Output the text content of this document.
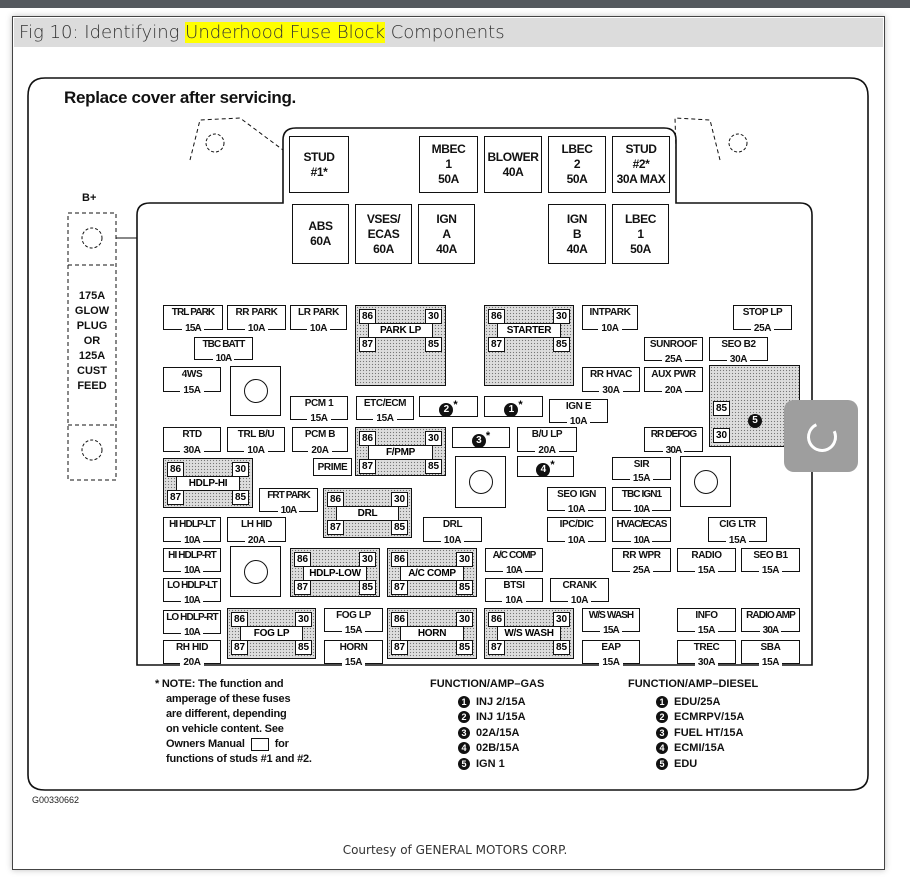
Fig 10: Identifying Underhood Fuse Block Components
Replace cover after servicing.
B+
175A
GLOW
PLUG
OR
125A
CUST
FEED
STUD
#1*
MBEC
1
50A
BLOWER
40A
LBEC
2
50A
STUD
#2*
30A MAX
ABS
60A
VSES/
ECAS
60A
IGN
A
40A
IGN
B
40A
LBEC
1
50A
TRL PARK
15A
RR PARK
10A
LR PARK
10A
TBC BATT
10A
4WS
15A
PCM 1
15A
ETC/ECM
15A
IGN E
10A
RTD
30A
TRL B/U
10A
PCM B
20A
PRIME
B/U LP
20A
RR DEFOG
30A
SIR
15A
INTPARK
10A
STOP LP
25A
SUNROOF
25A
SEO B2
30A
RR HVAC
30A
AUX PWR
20A
FRT PARK
10A
HI HDLP-LT
10A
LH HID
20A
DRL
10A
SEO IGN
10A
TBC IGN1
10A
IPC/DIC
10A
HVAC/ECAS
10A
CIG LTR
15A
HI HDLP-RT
10A
A/C COMP
10A
RR WPR
25A
RADIO
15A
SEO B1
15A
LO HDLP-LT
10A
BTSI
10A
CRANK
10A
LO HDLP-RT
10A
FOG LP
15A
W/S WASH
15A
INFO
15A
RADIO AMP
30A
RH HID
20A
HORN
15A
EAP
15A
TREC
30A
SBA
15A
86	30
87	85
PARK LP
86	30
87	85
STARTER
86	30
87	85
F/PMP
86	30
87	85
HDLP-HI
86	30
87	85
DRL
86	30
87	85
HDLP-LOW
86	30
87	85
A/C COMP
86	30
87	85
FOG LP
86	30
87	85
HORN
86	30
87	85
W/S WASH
85
30
5
2 *	1 *
3 *
4 *
* NOTE: The function and
amperage of these fuses
are different, depending
on vehicle content. See
Owners Manual	for
functions of studs #1 and #2.
FUNCTION/AMP–GAS
1 INJ 2/15A
2 INJ 1/15A
3 02A/15A
4 02B/15A
5 IGN 1
FUNCTION/AMP–DIESEL
1 EDU/25A
2 ECMRPV/15A
3 FUEL HT/15A
4 ECMI/15A
5 EDU
G00330662
Courtesy of GENERAL MOTORS CORP.
